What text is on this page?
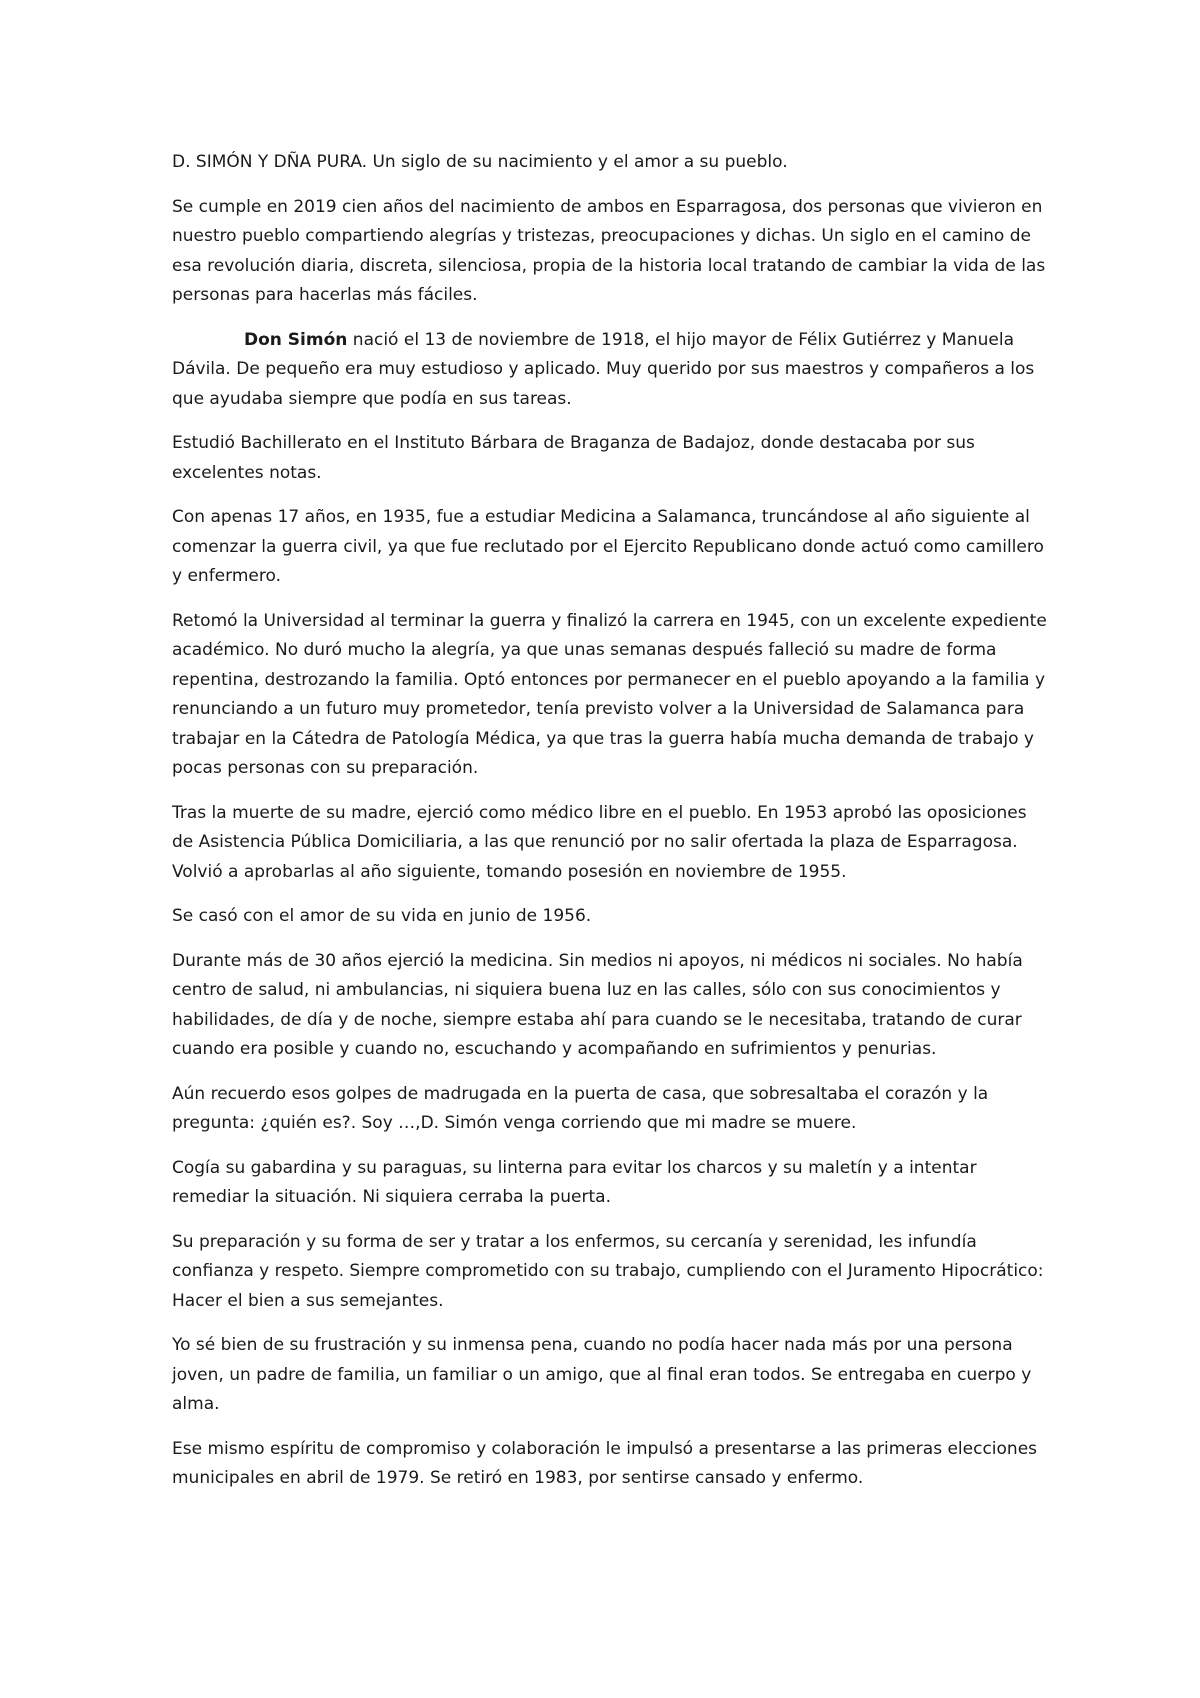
D. SIMÓN Y DÑA PURA. Un siglo de su nacimiento y el amor a su pueblo.

Se cumple en 2019 cien años del nacimiento de ambos en Esparragosa, dos personas que vivieron en nuestro pueblo compartiendo alegrías y tristezas, preocupaciones y dichas. Un siglo en el camino de esa revolución diaria, discreta, silenciosa, propia de la historia local tratando de cambiar la vida de las personas para hacerlas más fáciles.

Don Simón nació el 13 de noviembre de 1918, el hijo mayor de Félix Gutiérrez y Manuela Dávila. De pequeño era muy estudioso y aplicado. Muy querido por sus maestros y compañeros a los que ayudaba siempre que podía en sus tareas.

Estudió Bachillerato en el Instituto Bárbara de Braganza de Badajoz, donde destacaba por sus excelentes notas.

Con apenas 17 años, en 1935, fue a estudiar Medicina a Salamanca, truncándose al año siguiente al comenzar la guerra civil, ya que fue reclutado por el Ejercito Republicano donde actuó como camillero y enfermero.

Retomó la Universidad al terminar la guerra y finalizó la carrera en 1945, con un excelente expediente académico. No duró mucho la alegría, ya que unas semanas después falleció su madre de forma repentina, destrozando la familia. Optó entonces por permanecer en el pueblo apoyando a la familia y renunciando a un futuro muy prometedor, tenía previsto volver a la Universidad de Salamanca para trabajar en la Cátedra de Patología Médica, ya que tras la guerra había mucha demanda de trabajo y pocas personas con su preparación.

Tras la muerte de su madre, ejerció como médico libre en el pueblo. En 1953 aprobó las oposiciones de Asistencia Pública Domiciliaria, a las que renunció por no salir ofertada la plaza de Esparragosa. Volvió a aprobarlas al año siguiente, tomando posesión en noviembre de 1955.

Se casó con el amor de su vida en junio de 1956.

Durante más de 30 años ejerció la medicina. Sin medios ni apoyos, ni médicos ni sociales. No había centro de salud, ni ambulancias, ni siquiera buena luz en las calles, sólo con sus conocimientos y habilidades, de día y de noche, siempre estaba ahí para cuando se le necesitaba, tratando de curar cuando era posible y cuando no, escuchando y acompañando en sufrimientos y penurias.

Aún recuerdo esos golpes de madrugada en la puerta de casa, que sobresaltaba el corazón y la pregunta: ¿quién es?. Soy …,D. Simón venga corriendo que mi madre se muere.

Cogía su gabardina y su paraguas, su linterna para evitar los charcos y su maletín y a intentar remediar la situación. Ni siquiera cerraba la puerta.

Su preparación y su forma de ser y tratar a los enfermos, su cercanía y serenidad, les infundía confianza y respeto. Siempre comprometido con su trabajo, cumpliendo con el Juramento Hipocrático: Hacer el bien a sus semejantes.

Yo sé bien de su frustración y su inmensa pena, cuando no podía hacer nada más por una persona joven, un padre de familia, un familiar o un amigo, que al final eran todos. Se entregaba en cuerpo y alma.

Ese mismo espíritu de compromiso y colaboración le impulsó a presentarse a las primeras elecciones municipales en abril de 1979. Se retiró en 1983, por sentirse cansado y enfermo.
